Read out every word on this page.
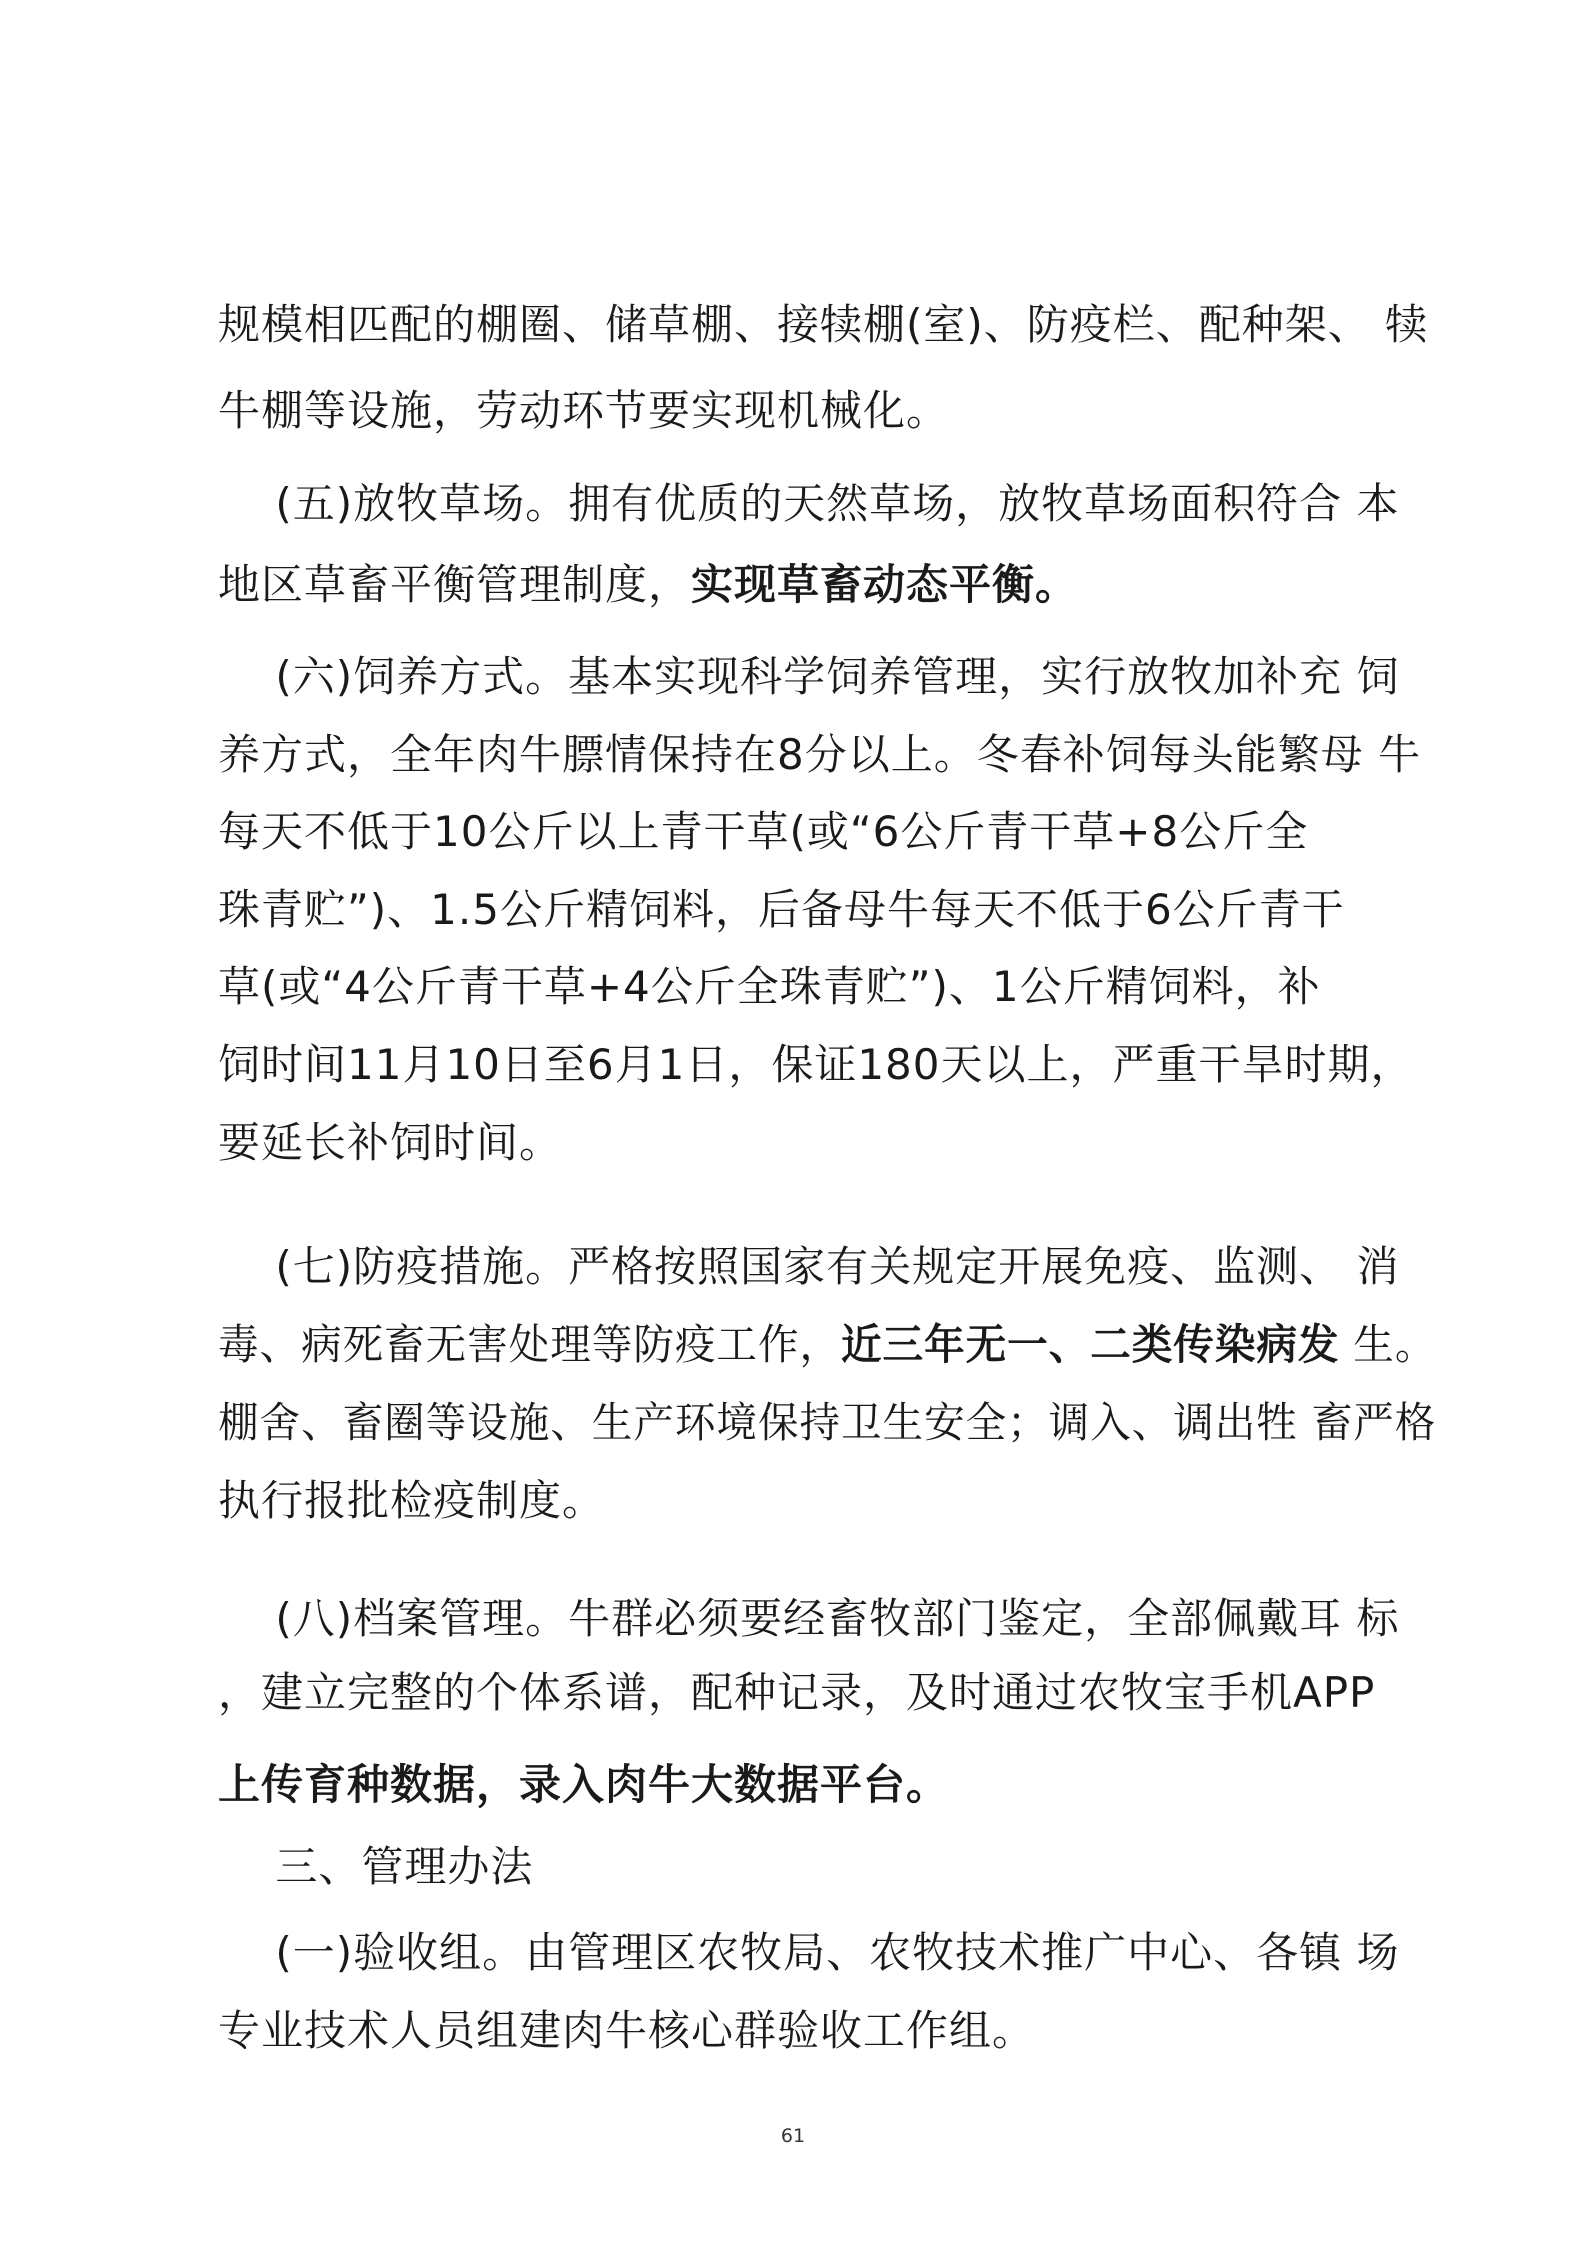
规模相匹配的棚圈、储草棚、接犊棚(室)、防疫栏、配种架、 犊
牛棚等设施，劳动环节要实现机械化。
(五)放牧草场。拥有优质的天然草场，放牧草场面积符合 本
地区草畜平衡管理制度，实现草畜动态平衡。
(六)饲养方式。基本实现科学饲养管理，实行放牧加补充 饲
养方式，全年肉牛膘情保持在8分以上。冬春补饲每头能繁母 牛
每天不低于10公斤以上青干草(或“6公斤青干草+8公斤全
珠青贮”)、1.5公斤精饲料，后备母牛每天不低于6公斤青干
草(或“4公斤青干草+4公斤全珠青贮”)、1公斤精饲料，补
饲时间11月10日至6月1日，保证180天以上，严重干旱时期，
要延长补饲时间。
(七)防疫措施。严格按照国家有关规定开展免疫、监测、 消
毒、病死畜无害处理等防疫工作，近三年无一、二类传染病发 生。
棚舍、畜圈等设施、生产环境保持卫生安全；调入、调出牲 畜严格
执行报批检疫制度。
(八)档案管理。牛群必须要经畜牧部门鉴定，全部佩戴耳 标
，建立完整的个体系谱，配种记录，及时通过农牧宝手机APP
上传育种数据，录入肉牛大数据平台。
三、管理办法
(一)验收组。由管理区农牧局、农牧技术推广中心、各镇 场
专业技术人员组建肉牛核心群验收工作组。
61
